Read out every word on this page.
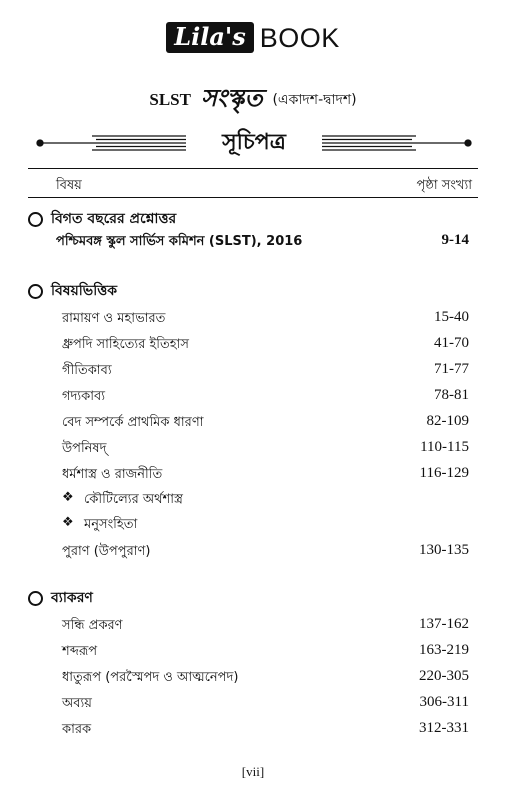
Lila's BOOK
SLST সংস্কৃত (একাদশ-দ্বাদশ)
সূচিপত্র
বিষয়	পৃষ্ঠা সংখ্যা
বিগত বছরের প্রশ্নোত্তর
পশ্চিমবঙ্গ স্কুল সার্ভিস কমিশন (SLST), 2016	9-14
বিষয়ভিত্তিক
রামায়ণ ও মহাভারত	15-40
ধ্রুপদি সাহিত্যের ইতিহাস	41-70
গীতিকাব্য	71-77
গদ্যকাব্য	78-81
বেদ সম্পর্কে প্রাথমিক ধারণা	82-109
উপনিষদ্	110-115
ধর্মশাস্ত্র ও রাজনীতি	116-129
❖ কৌটিল্যের অর্থশাস্ত্র
❖ মনুসংহিতা
পুরাণ (উপপুরাণ)	130-135
ব্যাকরণ
সন্ধি প্রকরণ	137-162
শব্দরূপ	163-219
ধাতুরূপ (পরস্মৈপদ ও আত্মনেপদ)	220-305
অব্যয়	306-311
কারক	312-331
[vii]
